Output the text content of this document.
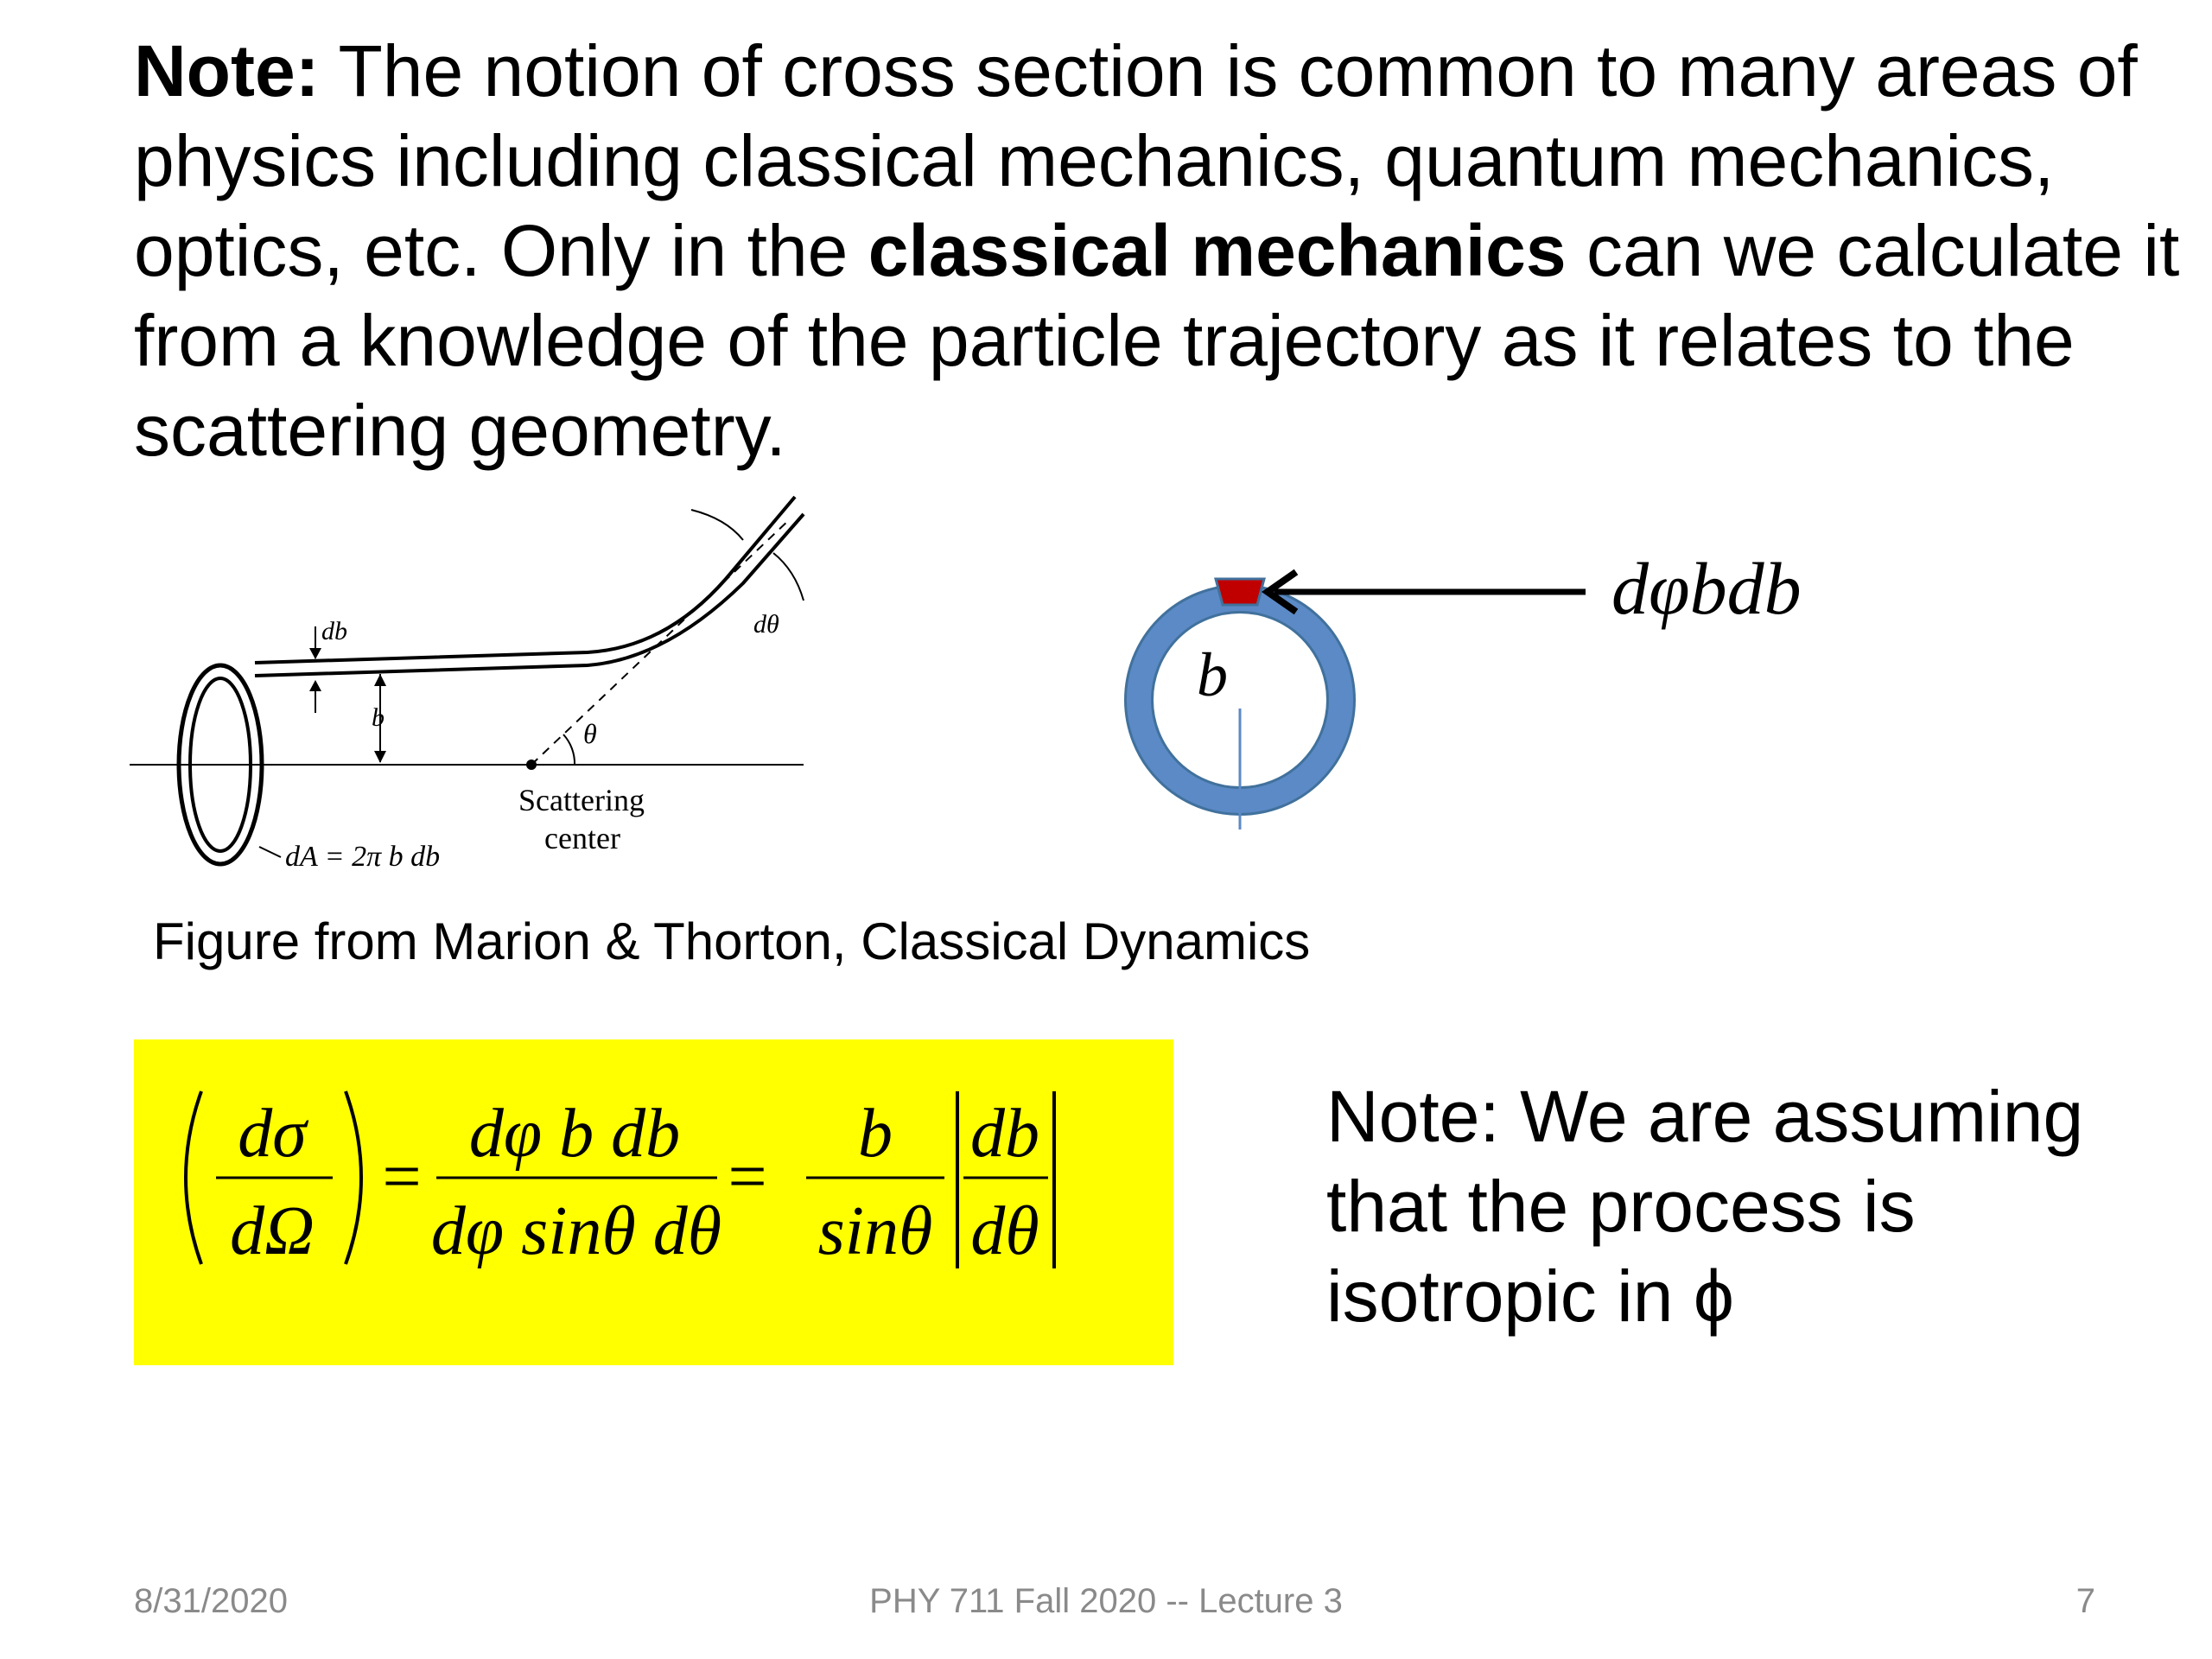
Note: The notion of cross section is common to many areas of physics including classical mechanics, quantum mechanics, optics, etc. Only in the classical mechanics can we calculate it from a knowledge of the particle trajectory as it relates to the scattering geometry.
θ
db
b
dθ
Scattering
center
dA = 2π b db
b
dφbdb
Figure from Marion & Thorton, Classical Dynamics
dσ
dΩ
=
dφ b db
dφ sinθ dθ
=
b
sinθ
db
dθ
Note: We are assuming that the process is isotropic in ϕ
8/31/2020	PHY 711 Fall 2020 -- Lecture 3	7
